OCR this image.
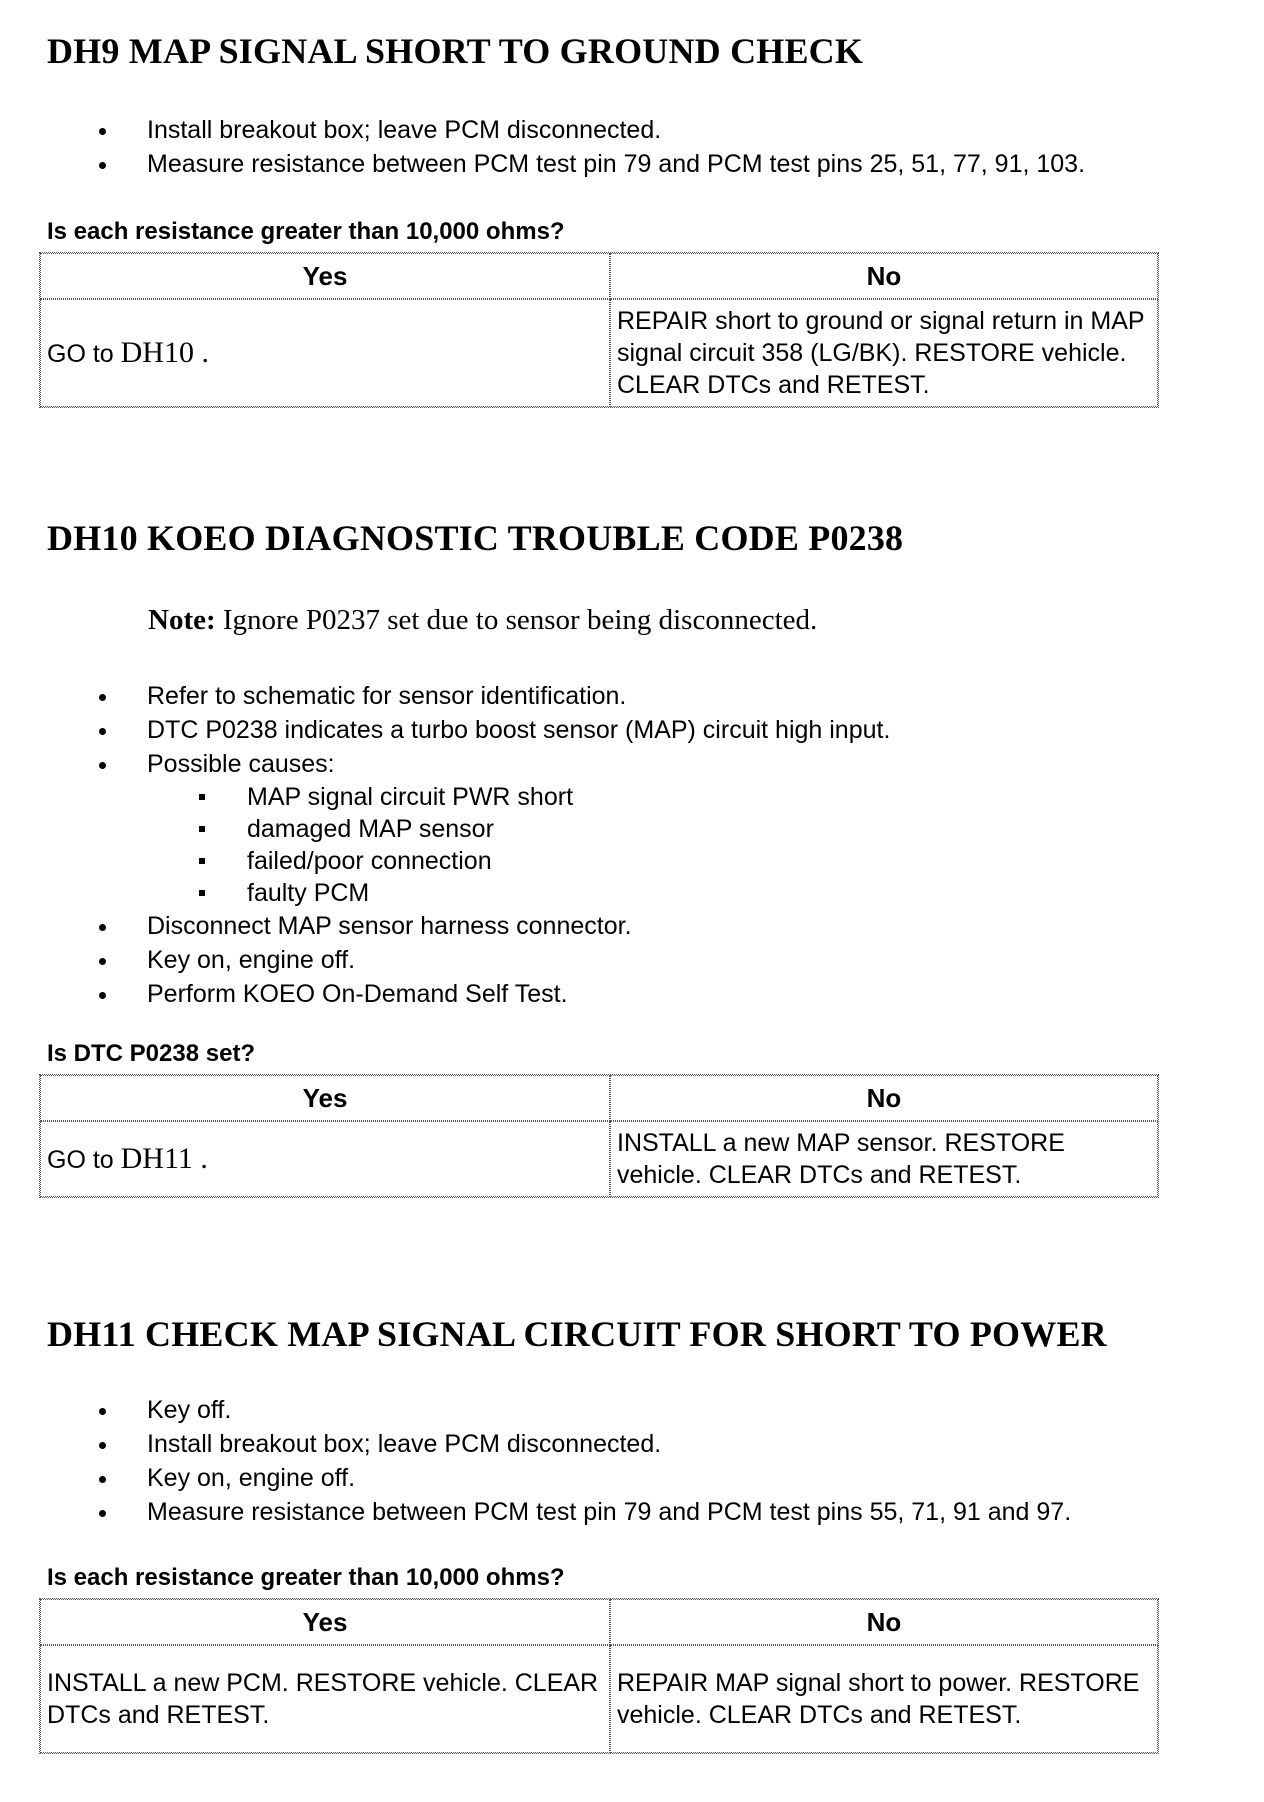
DH9 MAP SIGNAL SHORT TO GROUND CHECK
Install breakout box; leave PCM disconnected.
Measure resistance between PCM test pin 79 and PCM test pins 25, 51, 77, 91, 103.

Is each resistance greater than 10,000 ohms?

Yes	No
GO to DH10 .	REPAIR short to ground or signal return in MAP signal circuit 358 (LG/BK). RESTORE vehicle. CLEAR DTCs and RETEST.
DH10 KOEO DIAGNOSTIC TROUBLE CODE P0238

Note: Ignore P0237 set due to sensor being disconnected.

Refer to schematic for sensor identification.
DTC P0238 indicates a turbo boost sensor (MAP) circuit high input.
Possible causes:
MAP signal circuit PWR short
damaged MAP sensor
failed/poor connection
faulty PCM
Disconnect MAP sensor harness connector.
Key on, engine off.
Perform KOEO On-Demand Self Test.

Is DTC P0238 set?

Yes	No
GO to DH11 .	INSTALL a new MAP sensor. RESTORE vehicle. CLEAR DTCs and RETEST.
DH11 CHECK MAP SIGNAL CIRCUIT FOR SHORT TO POWER
Key off.
Install breakout box; leave PCM disconnected.
Key on, engine off.
Measure resistance between PCM test pin 79 and PCM test pins 55, 71, 91 and 97.

Is each resistance greater than 10,000 ohms?

Yes	No
INSTALL a new PCM. RESTORE vehicle. CLEAR DTCs and RETEST.	REPAIR MAP signal short to power. RESTORE vehicle. CLEAR DTCs and RETEST.
